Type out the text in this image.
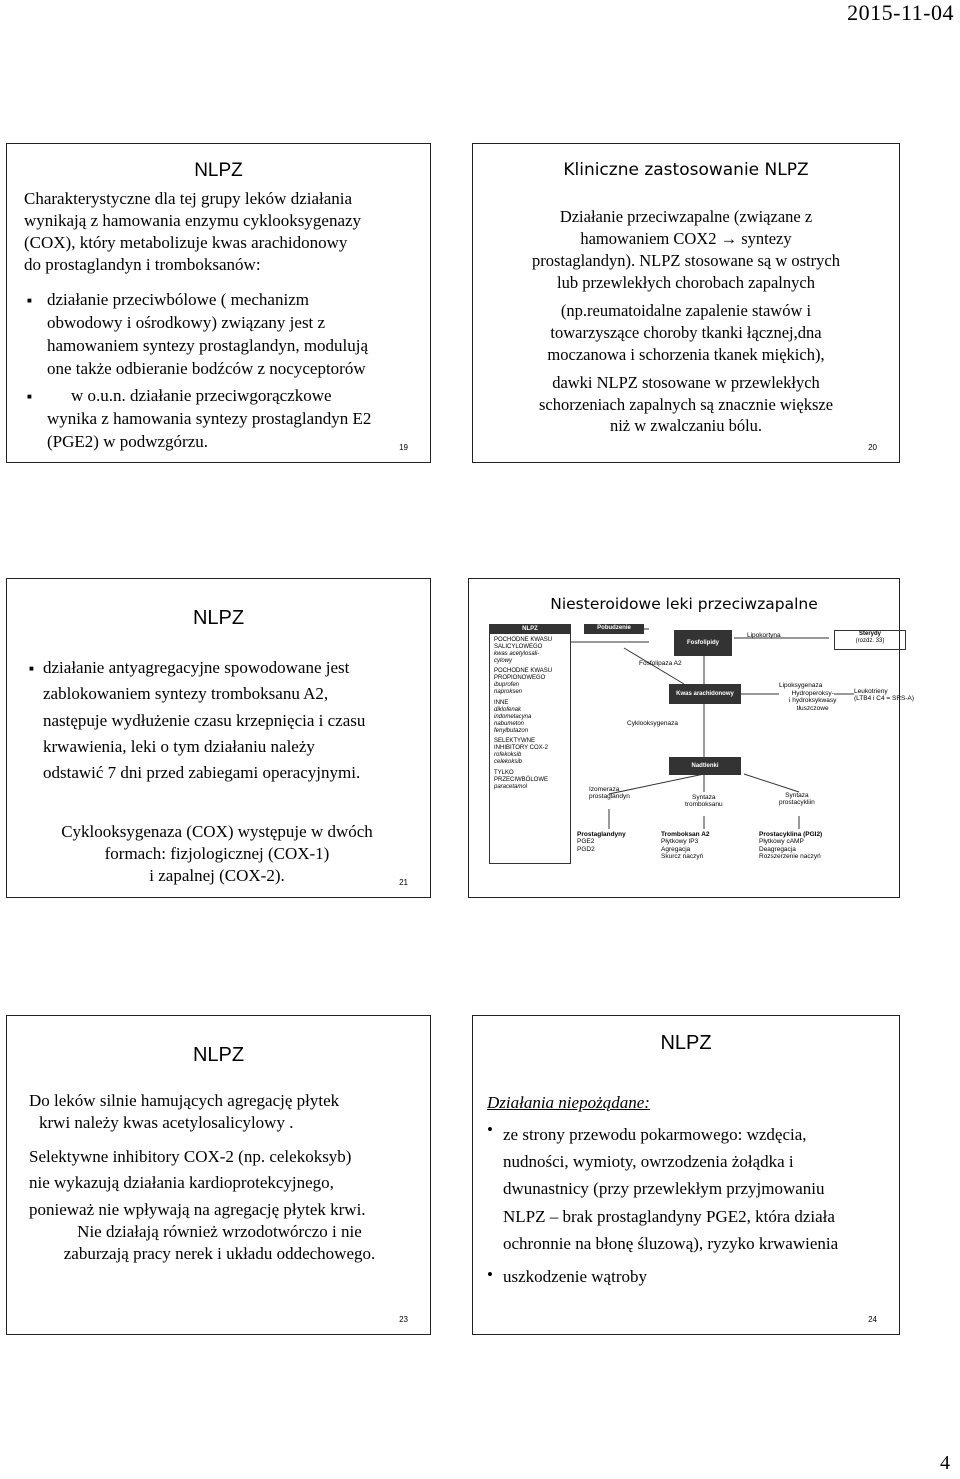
2015-11-04
NLPZ
Charakterystyczne dla tej grupy leków działania
wynikają z hamowania enzymu cyklooksygenazy
(COX), który metabolizuje kwas arachidonowy
do prostaglandyn i tromboksanów:
■ działanie przeciwbólowe ( mechanizm
obwodowy i ośrodkowy) związany jest z
hamowaniem syntezy prostaglandyn, modulują
one także odbieranie bodźców z nocyceptorów
■	w o.u.n. działanie przeciwgorączkowe
wynika z hamowania syntezy prostaglandyn E2
(PGE2) w podwzgórzu.	19
Kliniczne zastosowanie NLPZ
Działanie przeciwzapalne (związane z
hamowaniem COX2 → syntezy
prostaglandyn). NLPZ stosowane są w ostrych
lub przewlekłych chorobach zapalnych
(np.reumatoidalne zapalenie stawów i
towarzyszące choroby tkanki łącznej,dna
moczanowa i schorzenia tkanek miękich),
dawki NLPZ stosowane w przewlekłych
schorzeniach zapalnych są znacznie większe
niż w zwalczaniu bólu.
20
NLPZ
■ działanie antyagregacyjne spowodowane jest
zablokowaniem syntezy tromboksanu A2,
następuje wydłużenie czasu krzepnięcia i czasu
krwawienia, leki o tym działaniu należy
odstawić 7 dni przed zabiegami operacyjnymi.
Cyklooksygenaza (COX) występuje w dwóch
formach: fizjologicznej (COX-1)
i zapalnej (COX-2).	21
Niesteroidowe leki przeciwzapalne
NLPZ
POCHODNE KWASU
SALICYLOWEGO
kwas acetylosali-
cylowy
POCHODNE KWASU
PROPIONOWEGO
ibuprofen
naproksen
INNE
diklofenak
indometacyna
nabumeton
fenylbutazon
SELEKTYWNE
INHIBITORY COX-2
rofekoksib
celekoksib
TYLKO
PRZECIWBÓLOWE
paracetamol
Pobudzenie
Fosfolipidy
Fosfolipaza A2
Lipokortyna	Sterydy
(rozdz. 33)
Kwas arachidonowy
Lipoksygenaza
Hydroperoksy-
i hydroksykwasy
tłuszczowe
Leukotrieny
(LTB4 i C4 = SRS-A)
Cyklooksygenaza
Nadtlenki
Izomeraza
prostaglandyn	Syntaza
tromboksanu
Syntaza
prostacykliin
Prostaglandyny
PGE2
PGD2
Tromboksan A2
Płytkowy IP3
Agregacja
Skurcz naczyń
Prostacyklina (PGI2)
Płytkowy cAMP
Deagregacja
Rozszerzenie naczyń
NLPZ
Do leków silnie hamujących agregację płytek
krwi należy kwas acetylosalicylowy .
Selektywne inhibitory COX-2 (np. celekoksyb)
nie wykazują działania kardioprotekcyjnego,
ponieważ nie wpływają na agregację płytek krwi.
Nie działają również wrzodotwórczo i nie
zaburzają pracy nerek i układu oddechowego.
23
NLPZ
Działania niepożądane:
• ze strony przewodu pokarmowego: wzdęcia,
nudności, wymioty, owrzodzenia żołądka i
dwunastnicy (przy przewlekłym przyjmowaniu
NLPZ – brak prostaglandyny PGE2, która działa
ochronnie na błonę śluzową), ryzyko krwawienia
• uszkodzenie wątroby
24
4
